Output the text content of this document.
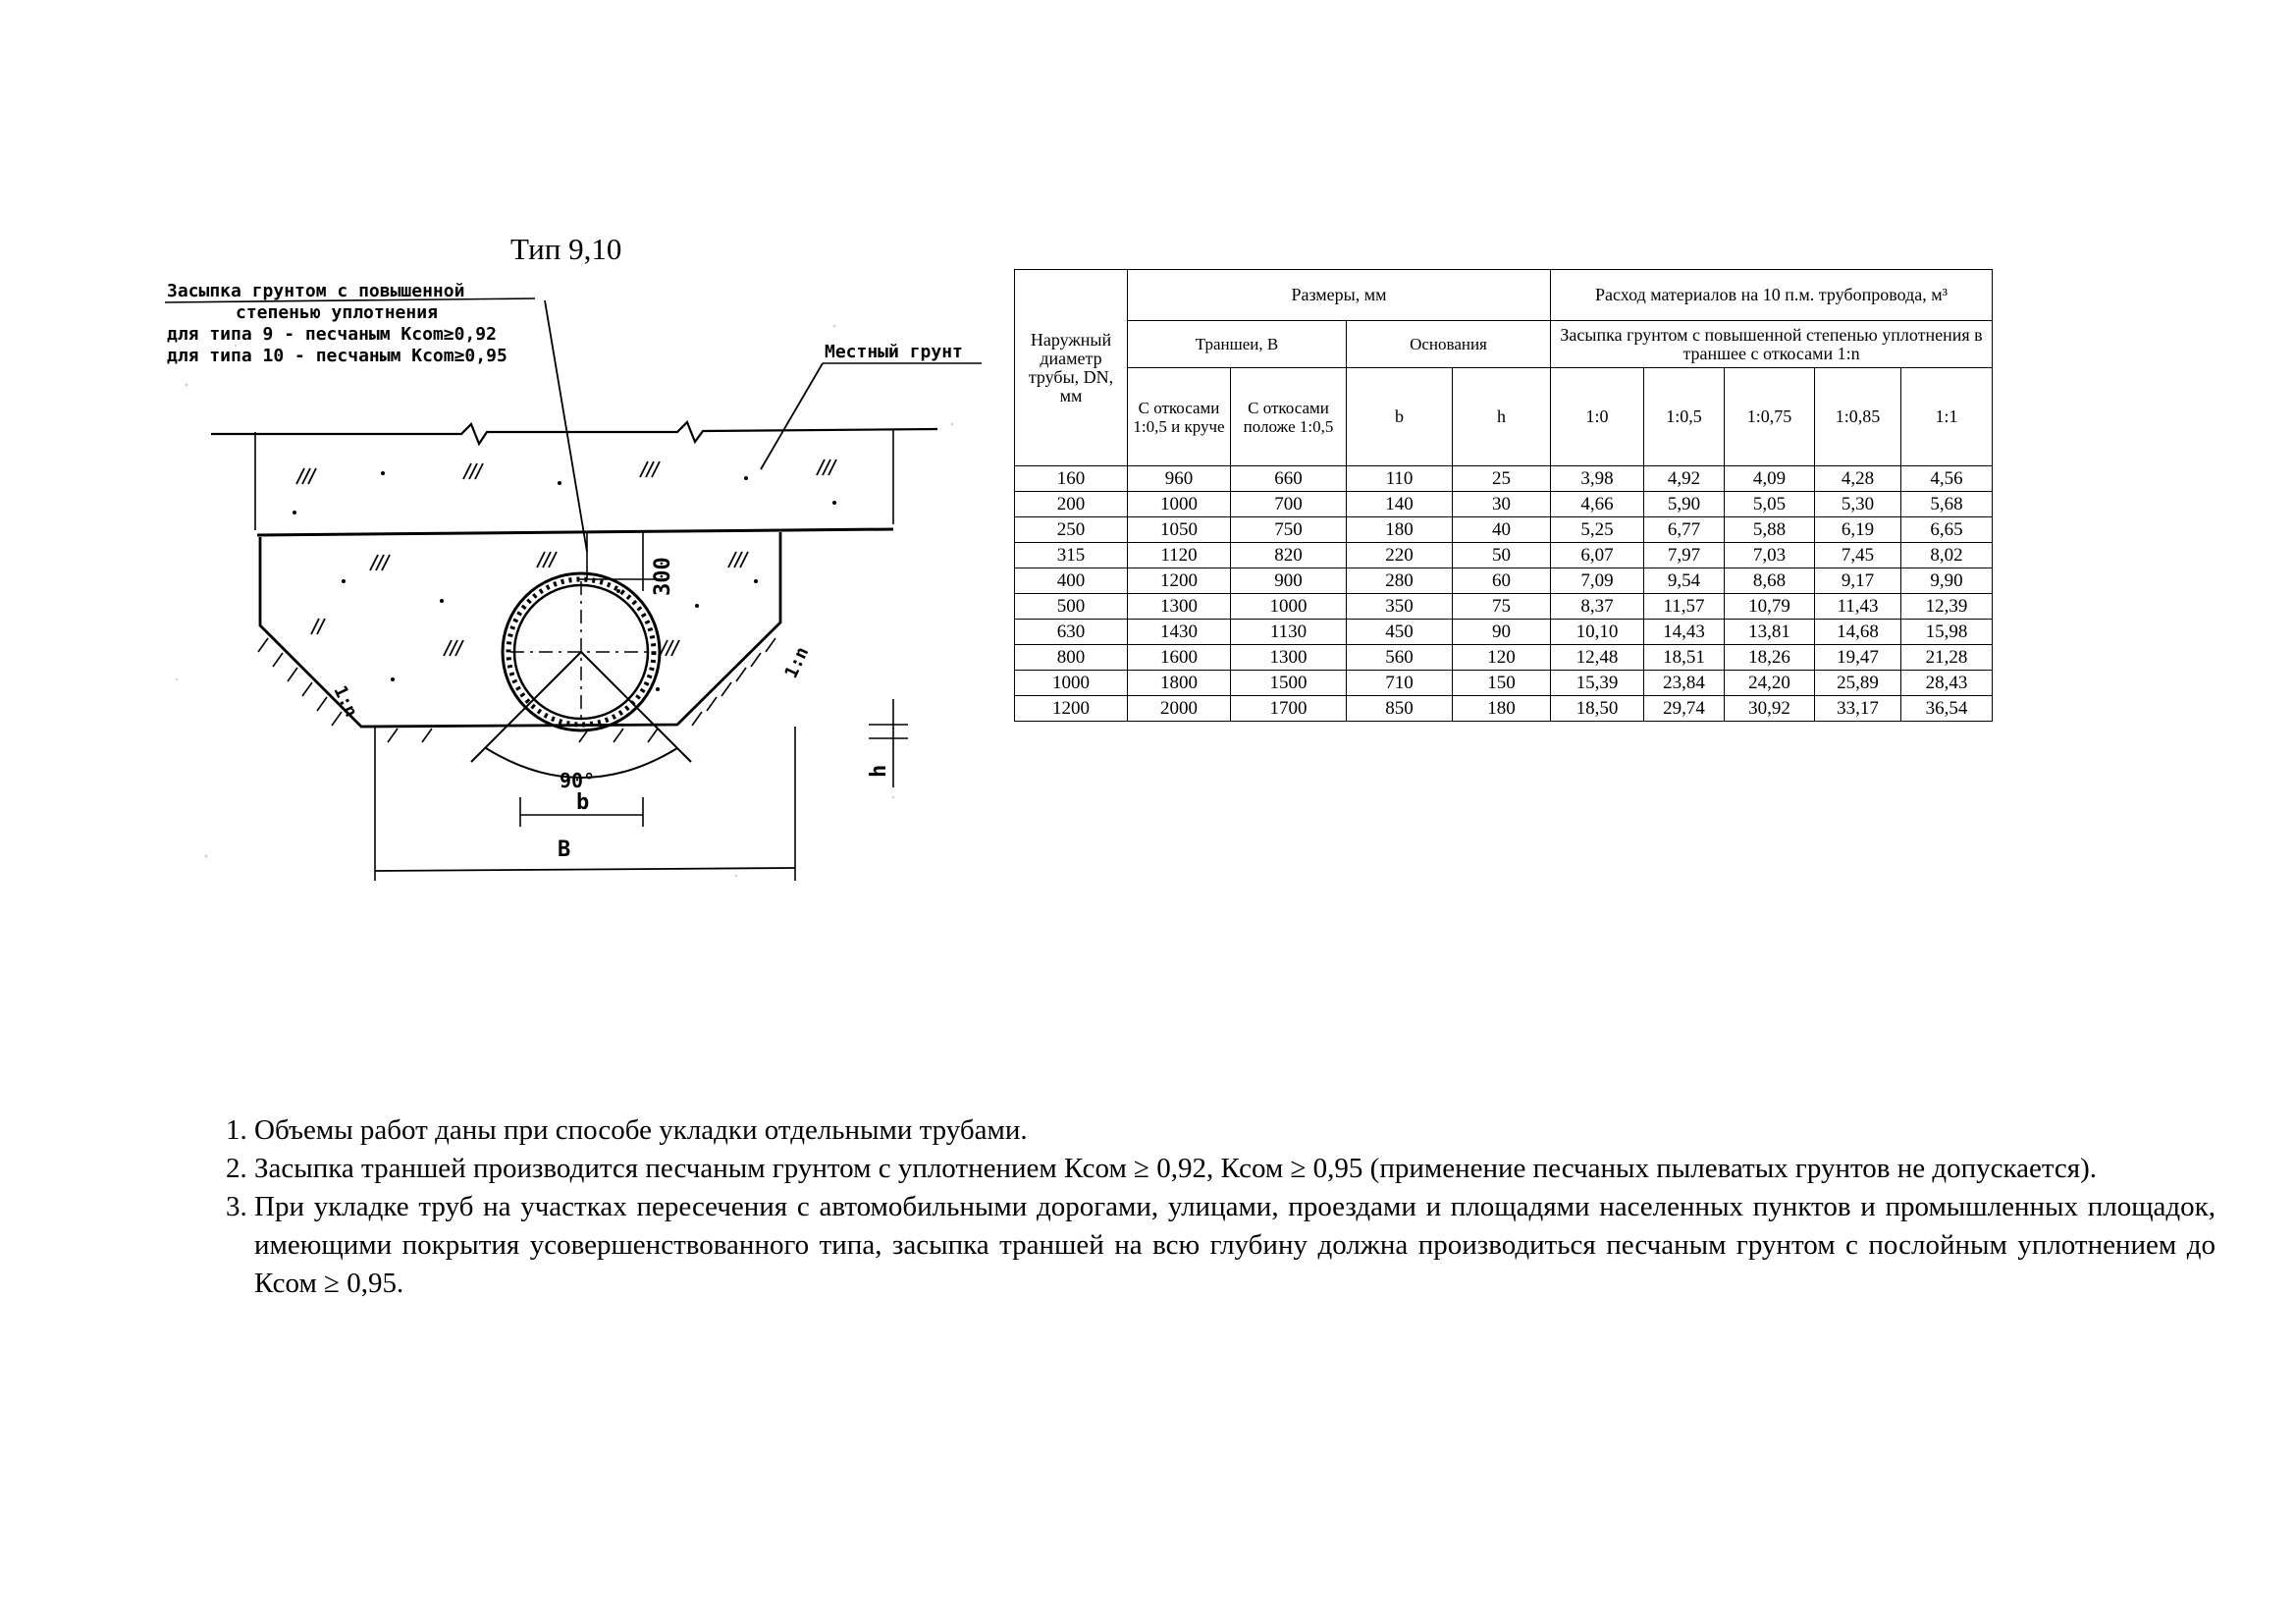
Тип 9,10
300
h
1:n
1:n
90°
b
B
Засыпка грунтом с повышенной
степенью уплотнения
для типа 9 - песчаным Kcom≥0,92
для типа 10 - песчаным Kcom≥0,95	Местный грунт
Наружный диаметр трубы, DN, мм	Размеры, мм				Расход материалов на 10 п.м. трубопровода, м³				
	Траншеи, B		Основания		Засыпка грунтом с повышенной степенью уплотнения в траншее с откосами 1:n				
	С откосами 1:0,5 и круче	С откосами положе 1:0,5	b	h	1:0	1:0,5	1:0,75	1:0,85	1:1
160	960	660	110	25	3,98	4,92	4,09	4,28	4,56
200	1000	700	140	30	4,66	5,90	5,05	5,30	5,68
250	1050	750	180	40	5,25	6,77	5,88	6,19	6,65
315	1120	820	220	50	6,07	7,97	7,03	7,45	8,02
400	1200	900	280	60	7,09	9,54	8,68	9,17	9,90
500	1300	1000	350	75	8,37	11,57	10,79	11,43	12,39
630	1430	1130	450	90	10,10	14,43	13,81	14,68	15,98
800	1600	1300	560	120	12,48	18,51	18,26	19,47	21,28
1000	1800	1500	710	150	15,39	23,84	24,20	25,89	28,43
1200	2000	1700	850	180	18,50	29,74	30,92	33,17	36,54
1. Объемы работ даны при способе укладки отдельными трубами.
2. Засыпка траншей производится песчаным грунтом с уплотнением Ксом ≥ 0,92, Ксом ≥ 0,95 (применение песчаных пылеватых грунтов не допускается).
3. При укладке труб на участках пересечения с автомобильными дорогами, улицами, проездами и площадями населенных пунктов и промышленных площадок, имеющими покрытия усовершенствованного типа, засыпка траншей на всю глубину должна производиться песчаным грунтом с послойным уплотнением до Ксом ≥ 0,95.
